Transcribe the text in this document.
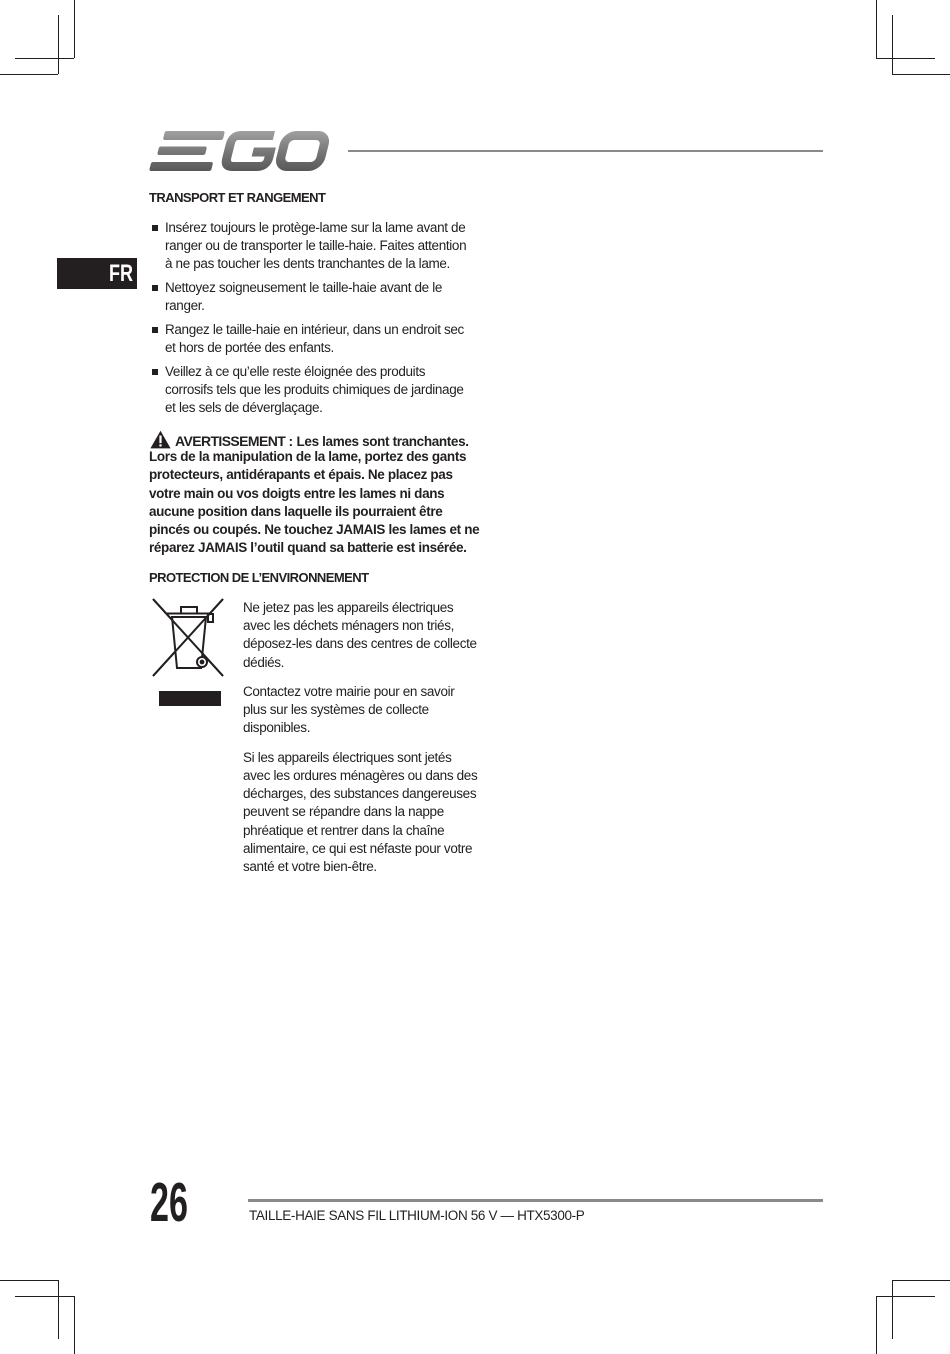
FR
TRANSPORT ET RANGEMENT
Insérez toujours le protège-lame sur la lame avant de
ranger ou de transporter le taille-haie. Faites attention
à ne pas toucher les dents tranchantes de la lame.
Nettoyez soigneusement le taille-haie avant de le
ranger.
Rangez le taille-haie en intérieur, dans un endroit sec
et hors de portée des enfants.
Veillez à ce qu’elle reste éloignée des produits
corrosifs tels que les produits chimiques de jardinage
et les sels de déverglaçage.
AVERTISSEMENT : Les lames sont tranchantes.
Lors de la manipulation de la lame, portez des gants
protecteurs, antidérapants et épais. Ne placez pas
votre main ou vos doigts entre les lames ni dans
aucune position dans laquelle ils pourraient être
pincés ou coupés. Ne touchez JAMAIS les lames et ne
réparez JAMAIS l’outil quand sa batterie est insérée.
PROTECTION DE L’ENVIRONNEMENT
Ne jetez pas les appareils électriques
avec les déchets ménagers non triés,
déposez-les dans des centres de collecte
dédiés.
Contactez votre mairie pour en savoir
plus sur les systèmes de collecte
disponibles.
Si les appareils électriques sont jetés
avec les ordures ménagères ou dans des
décharges, des substances dangereuses
peuvent se répandre dans la nappe
phréatique et rentrer dans la chaîne
alimentaire, ce qui est néfaste pour votre
santé et votre bien-être.
26	TAILLE-HAIE SANS FIL LITHIUM-ION 56 V — HTX5300-P
